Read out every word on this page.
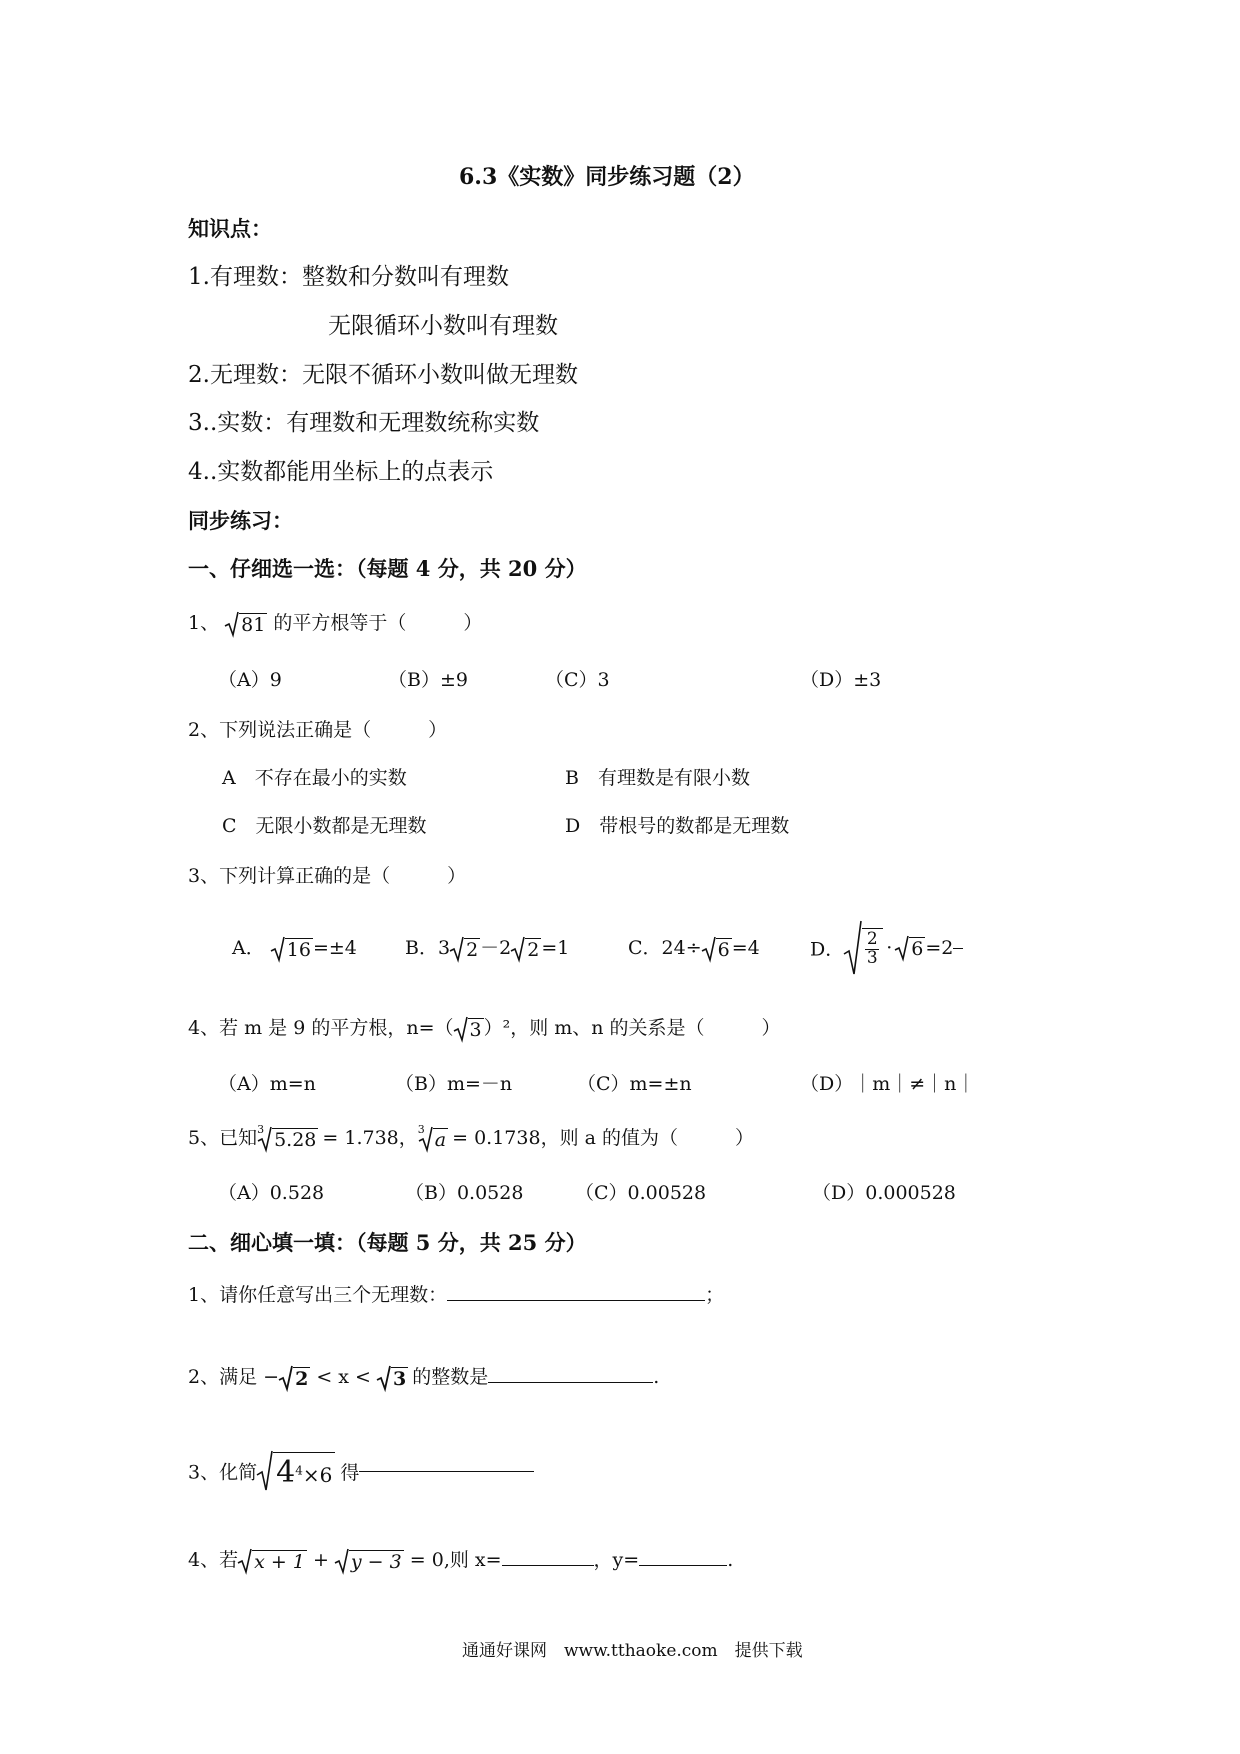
6.3《实数》同步练习题（2）
知识点：
1.有理数：整数和分数叫有理数
无限循环小数叫有理数
2.无理数：无限不循环小数叫做无理数
3..实数：有理数和无理数统称实数
4..实数都能用坐标上的点表示
同步练习：
一、仔细选一选：（每题 4 分，共 20 分）
1、 81 的平方根等于（　　　）
（A）9	（B）±9	（C）3	（D）±3
2、下列说法正确是（　　　）
A　不存在最小的实数	B　有理数是有限小数
C　无限小数都是无理数	D　带根号的数都是无理数
3、下列计算正确的是（　　　）
A． 16 =±4	B．3 2 －2 2 =1	C．24÷ 6 =4	D． $\frac{2}{3} \cdot 6 =2$
4、若 m 是 9 的平方根，n=（ 3 ）²，则 m、n 的关系是（　　　）
（A）m=n	（B）m=－n	（C）m=±n	（D）｜m｜≠｜n｜
5、已知$^3$ 5.28 = 1.738，$^3$ a = 0.1738，则 a 的值为（　　　）
（A）0.528	（B）0.0528	（C）0.00528	（D）0.000528
二、细心填一填：（每题 5 分，共 25 分）
1、请你任意写出三个无理数：	；
2、满足 − 2 < x < 3 的整数是	.
3、化简 $4^4\times 6$ 得
4、若 x + 1 + y − 3 = 0,则 x=	，y=	.
通通好课网　www.tthaoke.com　提供下载
